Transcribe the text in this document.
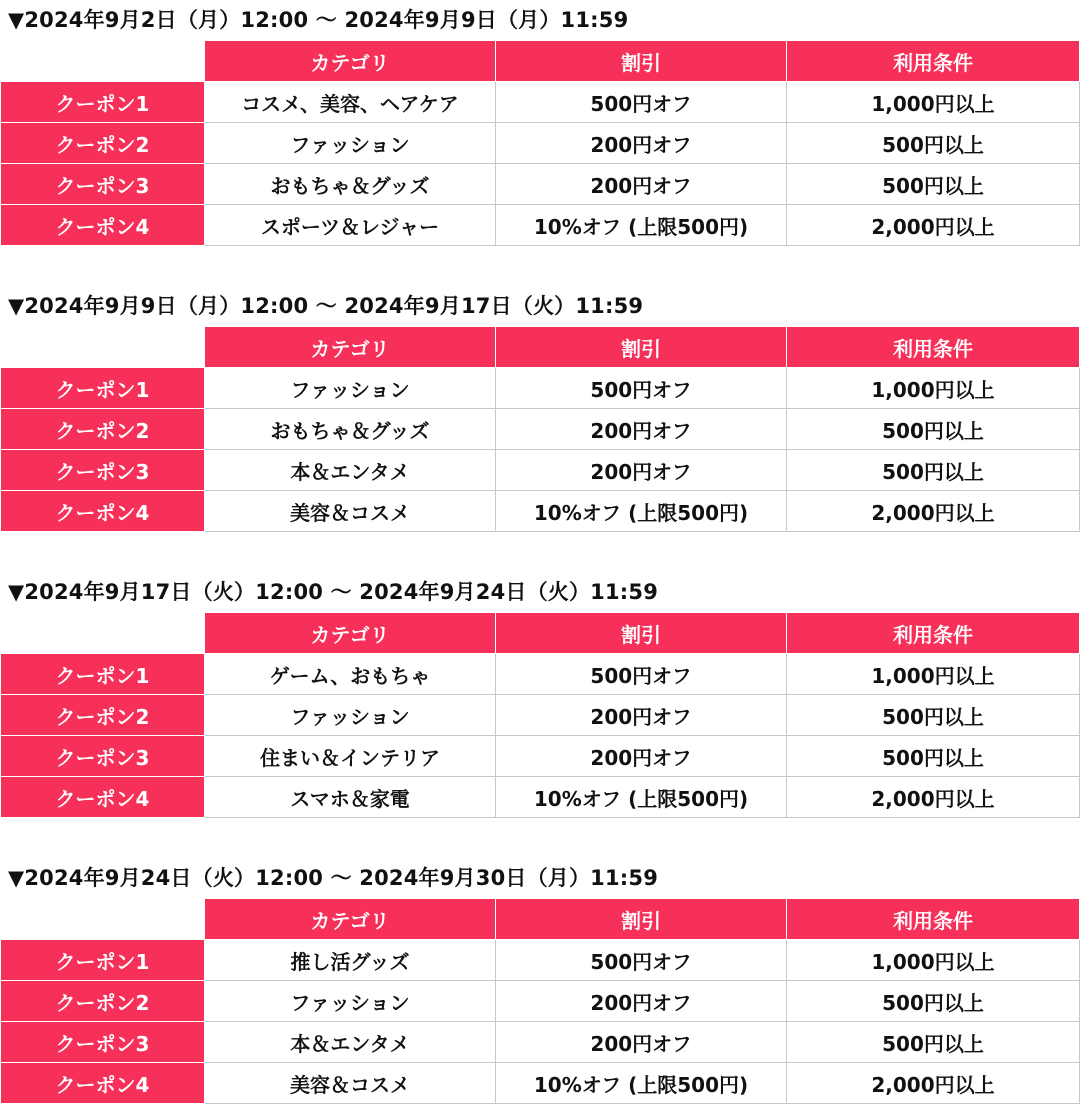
▼2024年9月2日（月）12:00 〜 2024年9月9日（月）11:59
	カテゴリ	割引	利用条件
クーポン1	コスメ、美容、ヘアケア	500円オフ	1,000円以上
クーポン2	ファッション	200円オフ	500円以上
クーポン3	おもちゃ＆グッズ	200円オフ	500円以上
クーポン4	スポーツ＆レジャー	10%オフ (上限500円)	2,000円以上
▼2024年9月9日（月）12:00 〜 2024年9月17日（火）11:59
	カテゴリ	割引	利用条件
クーポン1	ファッション	500円オフ	1,000円以上
クーポン2	おもちゃ＆グッズ	200円オフ	500円以上
クーポン3	本＆エンタメ	200円オフ	500円以上
クーポン4	美容＆コスメ	10%オフ (上限500円)	2,000円以上
▼2024年9月17日（火）12:00 〜 2024年9月24日（火）11:59
	カテゴリ	割引	利用条件
クーポン1	ゲーム、おもちゃ	500円オフ	1,000円以上
クーポン2	ファッション	200円オフ	500円以上
クーポン3	住まい＆インテリア	200円オフ	500円以上
クーポン4	スマホ＆家電	10%オフ (上限500円)	2,000円以上
▼2024年9月24日（火）12:00 〜 2024年9月30日（月）11:59
	カテゴリ	割引	利用条件
クーポン1	推し活グッズ	500円オフ	1,000円以上
クーポン2	ファッション	200円オフ	500円以上
クーポン3	本＆エンタメ	200円オフ	500円以上
クーポン4	美容＆コスメ	10%オフ (上限500円)	2,000円以上
